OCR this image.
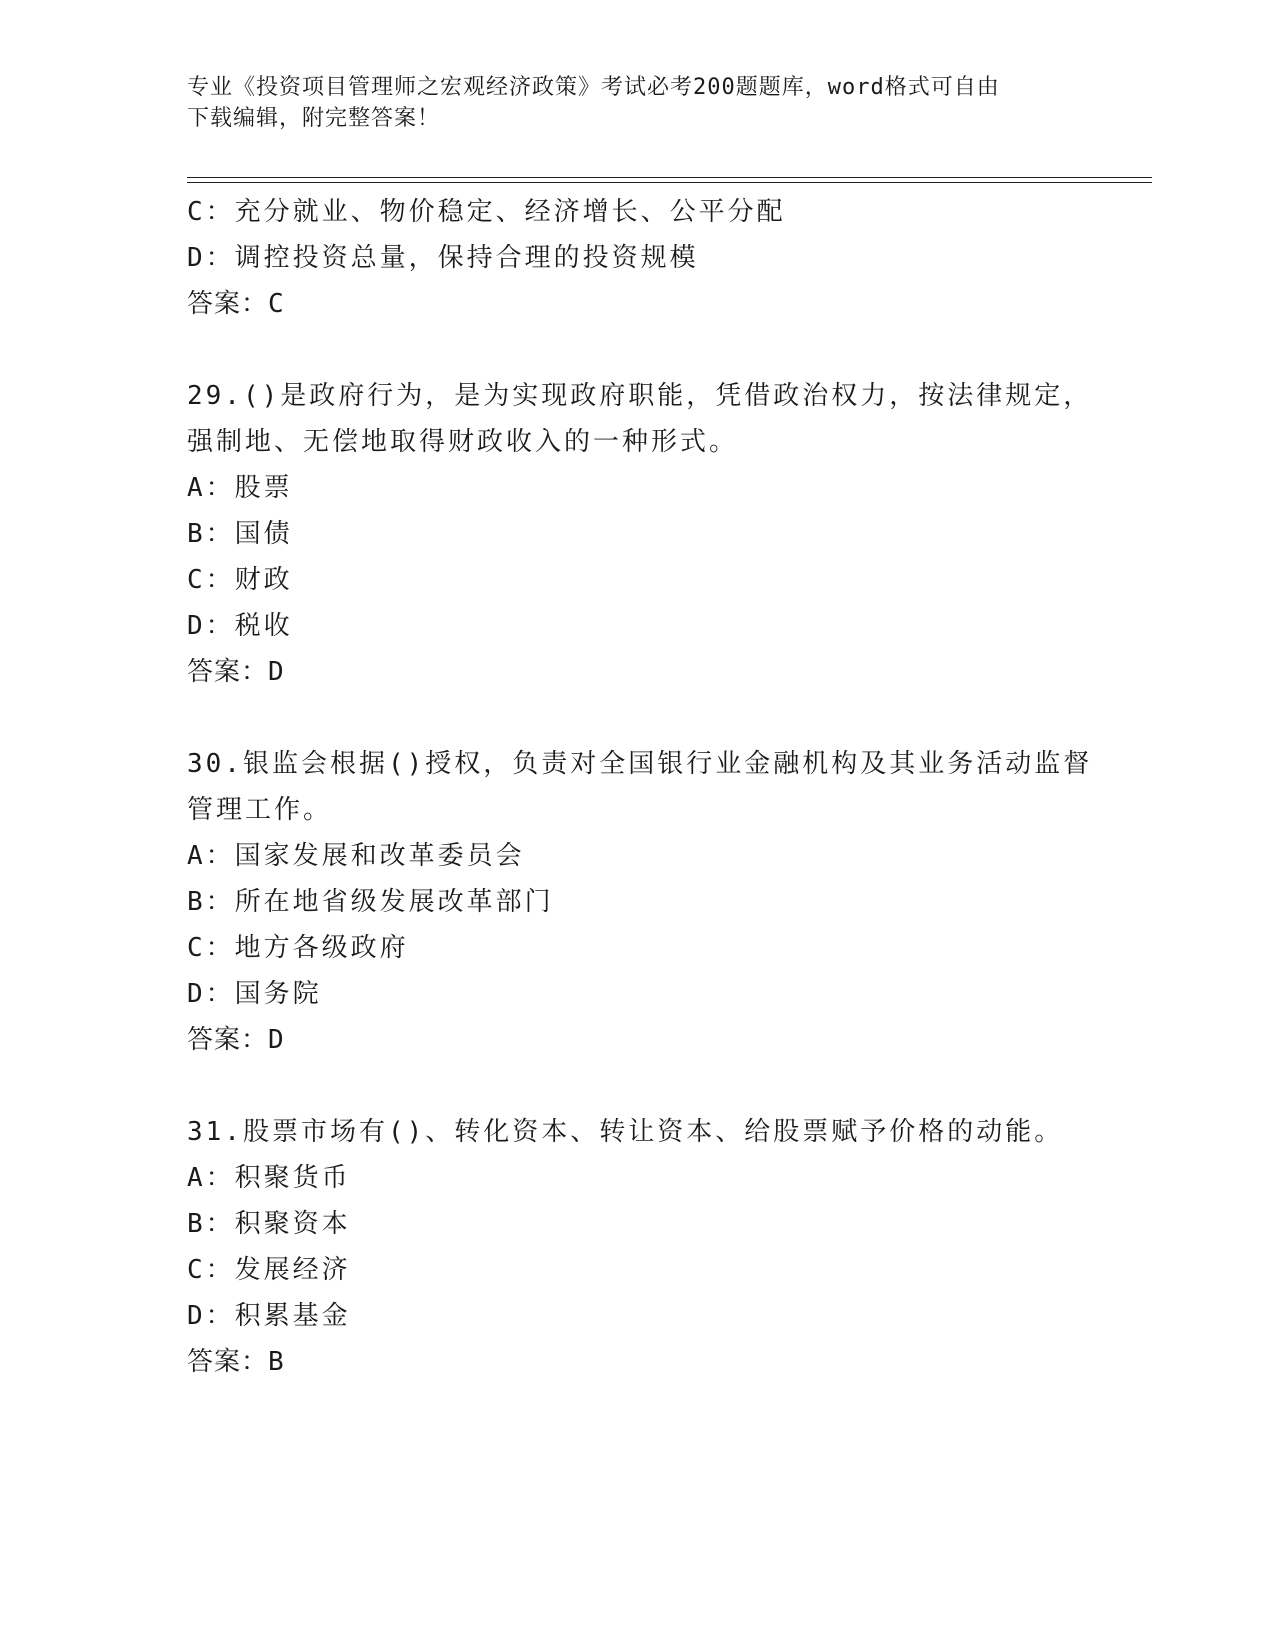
专业《投资项目管理师之宏观经济政策》考试必考200题题库，word格式可自由
下载编辑，附完整答案！
C：充分就业、物价稳定、经济增长、公平分配
D：调控投资总量，保持合理的投资规模
答案：C
29.()是政府行为，是为实现政府职能，凭借政治权力，按法律规定，
强制地、无偿地取得财政收入的一种形式。
A：股票
B：国债
C：财政
D：税收
答案：D
30.银监会根据()授权，负责对全国银行业金融机构及其业务活动监督
管理工作。
A：国家发展和改革委员会
B：所在地省级发展改革部门
C：地方各级政府
D：国务院
答案：D
31.股票市场有()、转化资本、转让资本、给股票赋予价格的动能。
A：积聚货币
B：积聚资本
C：发展经济
D：积累基金
答案：B
